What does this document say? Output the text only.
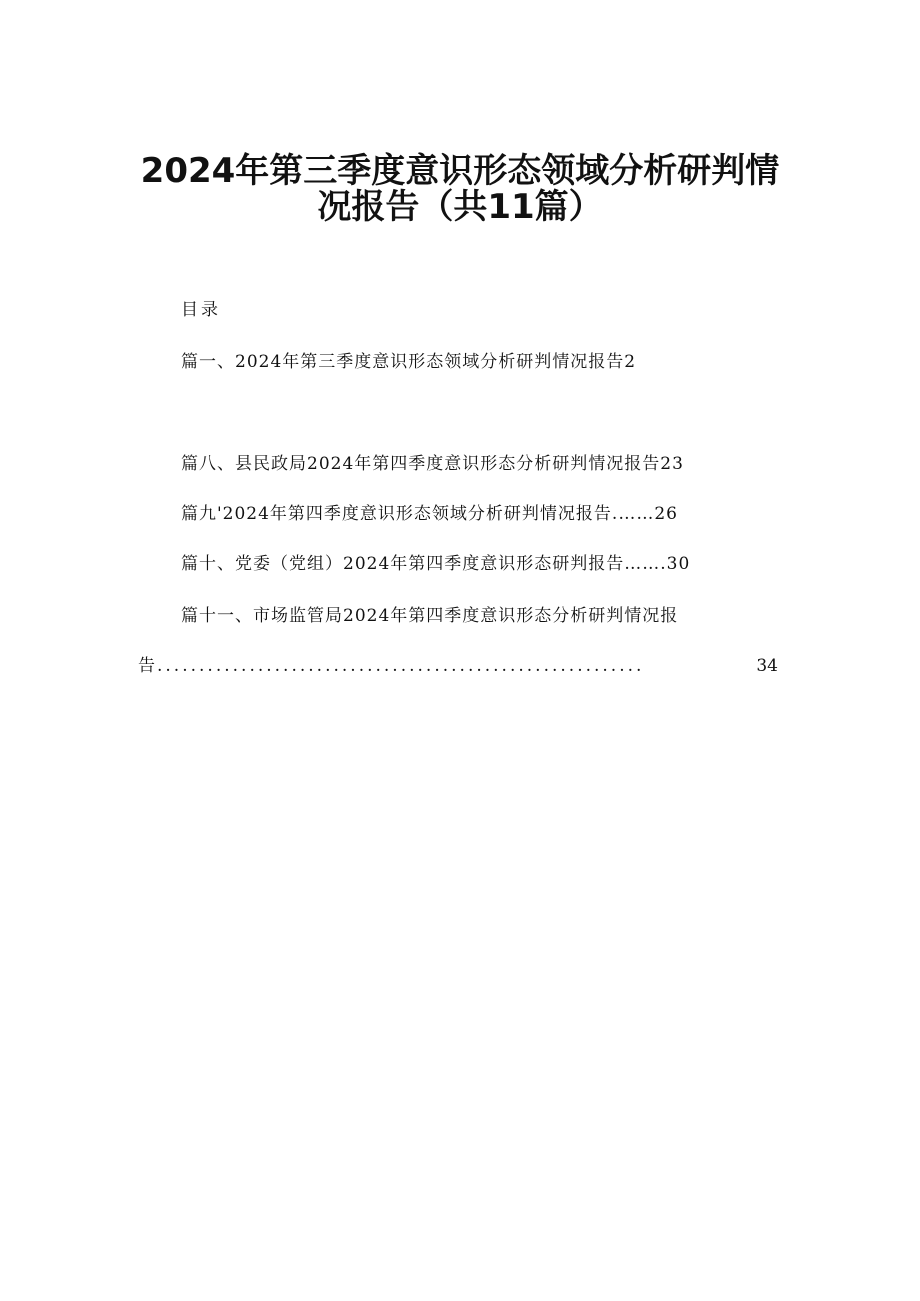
2024年第三季度意识形态领域分析研判情
况报告（共11篇）
目录
篇一、2024年第三季度意识形态领域分析研判情况报告2
篇八、县民政局2024年第四季度意识形态分析研判情况报告23
篇九'2024年第四季度意识形态领域分析研判情况报告.……26
篇十、党委（党组）2024年第四季度意识形态研判报告…….30
篇十一、市场监管局2024年第四季度意识形态分析研判情况报
告 ..........................................................	34
